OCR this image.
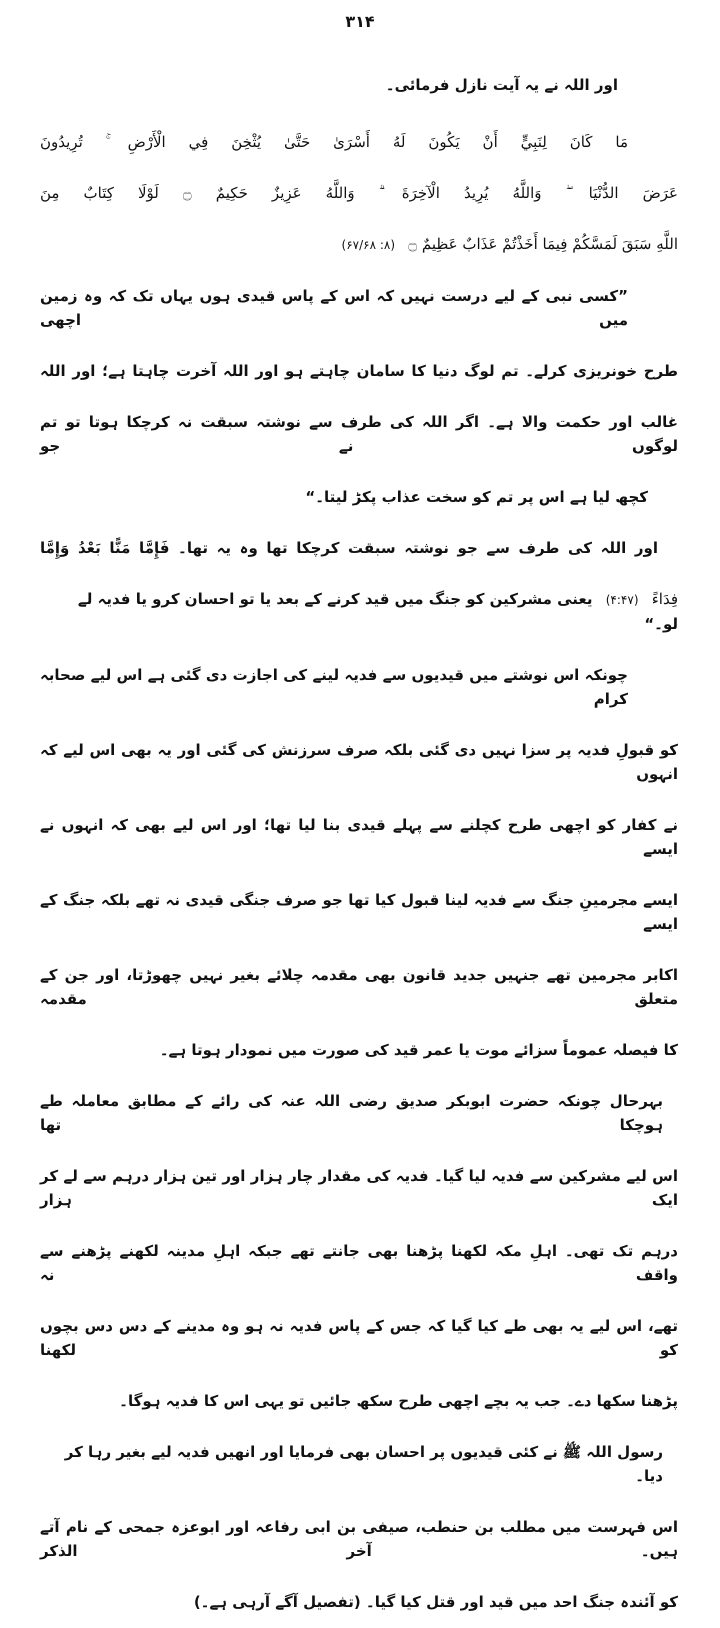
۳۱۴
اور اللہ نے یہ آیت نازل فرمائی۔
مَا كَانَ لِنَبِيٍّ أَنْ يَكُونَ لَهُ أَسْرَىٰ حَتَّىٰ يُثْخِنَ فِي الْأَرْضِ ۚ تُرِيدُونَ
عَرَضَ الدُّنْيَا ۖ وَاللَّهُ يُرِيدُ الْآخِرَةَ ۗ وَاللَّهُ عَزِيزٌ حَكِيمٌ ۝ لَوْلَا كِتَابٌ مِنَ
اللَّهِ سَبَقَ لَمَسَّكُمْ فِيمَا أَخَذْتُمْ عَذَابٌ عَظِيمٌ ۝ (۸: ۶۷/۶۸)
”کسی نبی کے لیے درست نہیں کہ اس کے پاس قیدی ہوں یہاں تک کہ وہ زمین میں اچھی
طرح خونریزی کرلے۔ تم لوگ دنیا کا سامان چاہتے ہو اور اللہ آخرت چاہتا ہے؛ اور اللہ
غالب اور حکمت والا ہے۔ اگر اللہ کی طرف سے نوشتہ سبقت نہ کرچکا ہوتا تو تم لوگوں نے جو
کچھ لیا ہے اس پر تم کو سخت عذاب پکڑ لیتا۔“
اور اللہ کی طرف سے جو نوشتہ سبقت کرچکا تھا وہ یہ تھا۔ فَإِمَّا مَنًّا بَعْدُ وَإِمَّا
فِدَاءً (۴:۴۷) یعنی مشرکین کو جنگ میں قید کرنے کے بعد یا تو احسان کرو یا فدیہ لے لو۔“
چونکہ اس نوشتے میں قیدیوں سے فدیہ لینے کی اجازت دی گئی ہے اس لیے صحابہ کرام
کو قبولِ فدیہ پر سزا نہیں دی گئی بلکہ صرف سرزنش کی گئی اور یہ بھی اس لیے کہ انہوں
نے کفار کو اچھی طرح کچلنے سے پہلے قیدی بنا لیا تھا؛ اور اس لیے بھی کہ انہوں نے ایسے
ایسے مجرمینِ جنگ سے فدیہ لینا قبول کیا تھا جو صرف جنگی قیدی نہ تھے بلکہ جنگ کے ایسے
اکابر مجرمین تھے جنہیں جدید قانون بھی مقدمہ چلائے بغیر نہیں چھوڑتا، اور جن کے متعلق مقدمہ
کا فیصلہ عموماً سزائے موت یا عمر قید کی صورت میں نمودار ہوتا ہے۔
بہرحال چونکہ حضرت ابوبکر صدیق رضی اللہ عنہ کی رائے کے مطابق معاملہ طے ہوچکا تھا
اس لیے مشرکین سے فدیہ لیا گیا۔ فدیہ کی مقدار چار ہزار اور تین ہزار درہم سے لے کر ایک ہزار
درہم تک تھی۔ اہلِ مکہ لکھنا پڑھنا بھی جانتے تھے جبکہ اہلِ مدینہ لکھنے پڑھنے سے واقف نہ
تھے، اس لیے یہ بھی طے کیا گیا کہ جس کے پاس فدیہ نہ ہو وہ مدینے کے دس دس بچوں کو لکھنا
پڑھنا سکھا دے۔ جب یہ بچے اچھی طرح سکھ جائیں تو یہی اس کا فدیہ ہوگا۔
رسول اللہ ﷺ نے کئی قیدیوں پر احسان بھی فرمایا اور انھیں فدیہ لیے بغیر رہا کر دیا۔
اس فہرست میں مطلب بن حنطب، صیفی بن ابی رفاعہ اور ابوعزہ جمحی کے نام آتے ہیں۔ آخر الذکر
کو آئندہ جنگ احد میں قید اور قتل کیا گیا۔ (تفصیل آگے آرہی ہے۔)
